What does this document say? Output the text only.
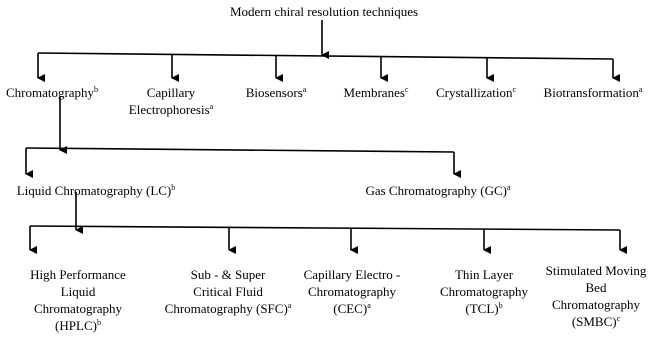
Modern chiral resolution techniques
Chromatography$^b$	Capillary
Electrophoresis$^a$
Biosensors$^a$	Membranes$^c$ Crystallization$^c$ Biotransformation$^a$
Liquid Chromatography (LC)$^b$	Gas Chromatography (GC)$^a$
High Performance
Liquid
Chromatography
(HPLC)$^b$
Sub - & Super
Critical Fluid
Chromatography (SFC)$^a$
Capillary Electro -
Chromatography
(CEC)$^a$
Thin Layer
Chromatography
(TCL)$^b$
Stimulated Moving
Bed
Chromatography
(SMBC)$^c$
